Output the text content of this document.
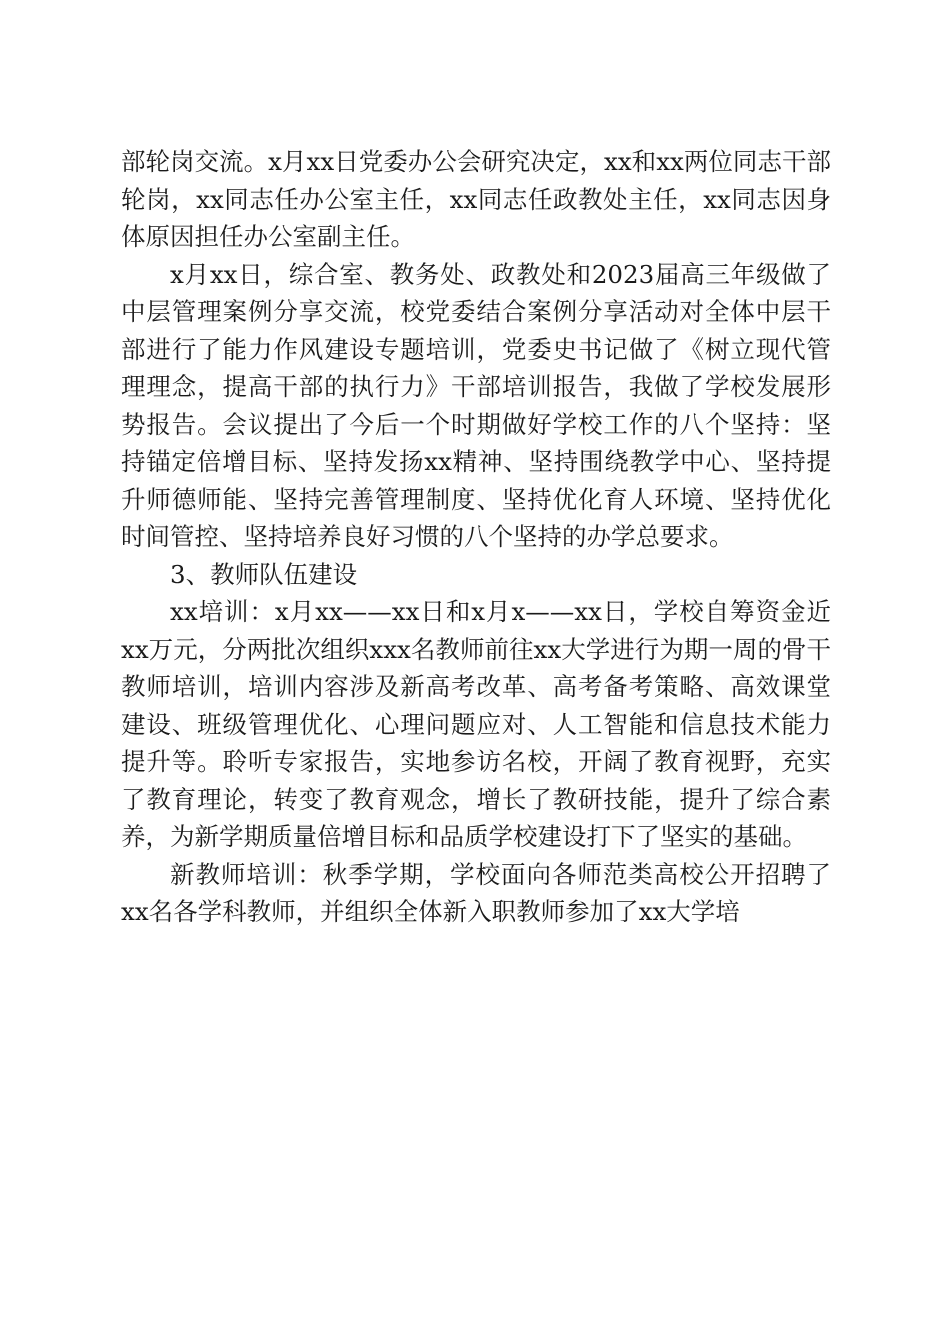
部轮岗交流。x月xx日党委办公会研究决定，xx和xx两位同志干部轮岗，xx同志任办公室主任，xx同志任政教处主任，xx同志因身体原因担任办公室副主任。

x月xx日，综合室、教务处、政教处和2023届高三年级做了中层管理案例分享交流，校党委结合案例分享活动对全体中层干部进行了能力作风建设专题培训，党委史书记做了《树立现代管理理念，提高干部的执行力》干部培训报告，我做了学校发展形势报告。会议提出了今后一个时期做好学校工作的八个坚持：坚持锚定倍增目标、坚持发扬xx精神、坚持围绕教学中心、坚持提升师德师能、坚持完善管理制度、坚持优化育人环境、坚持优化时间管控、坚持培养良好习惯的八个坚持的办学总要求。

3、教师队伍建设

xx培训：x月xx——xx日和x月x——xx日，学校自筹资金近xx万元，分两批次组织xxx名教师前往xx大学进行为期一周的骨干教师培训，培训内容涉及新高考改革、高考备考策略、高效课堂建设、班级管理优化、心理问题应对、人工智能和信息技术能力提升等。聆听专家报告，实地参访名校，开阔了教育视野，充实了教育理论，转变了教育观念，增长了教研技能，提升了综合素养，为新学期质量倍增目标和品质学校建设打下了坚实的基础。

新教师培训：秋季学期，学校面向各师范类高校公开招聘了xx名各学科教师，并组织全体新入职教师参加了xx大学培
